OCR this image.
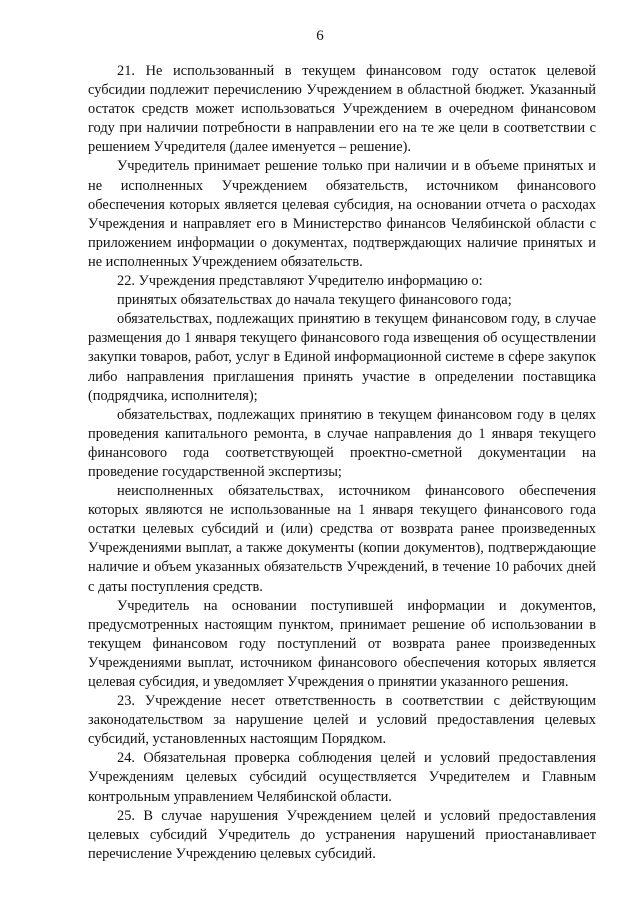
6

21. Не использованный в текущем финансовом году остаток целевой субсидии подлежит перечислению Учреждением в областной бюджет. Указанный остаток средств может использоваться Учреждением в очередном финансовом году при наличии потребности в направлении его на те же цели в соответствии с решением Учредителя (далее именуется – решение).

Учредитель принимает решение только при наличии и в объеме принятых и не исполненных Учреждением обязательств, источником финансового обеспечения которых является целевая субсидия, на основании отчета о расходах Учреждения и направляет его в Министерство финансов Челябинской области с приложением информации о документах, подтверждающих наличие принятых и не исполненных Учреждением обязательств.

22. Учреждения представляют Учредителю информацию о:

принятых обязательствах до начала текущего финансового года;

обязательствах, подлежащих принятию в текущем финансовом году, в случае размещения до 1 января текущего финансового года извещения об осуществлении закупки товаров, работ, услуг в Единой информационной системе в сфере закупок либо направления приглашения принять участие в определении поставщика (подрядчика, исполнителя);

обязательствах, подлежащих принятию в текущем финансовом году в целях проведения капитального ремонта, в случае направления до 1 января текущего финансового года соответствующей проектно-сметной документации на проведение государственной экспертизы;

неисполненных обязательствах, источником финансового обеспечения которых являются не использованные на 1 января текущего финансового года остатки целевых субсидий и (или) средства от возврата ранее произведенных Учреждениями выплат, а также документы (копии документов), подтверждающие наличие и объем указанных обязательств Учреждений, в течение 10 рабочих дней с даты поступления средств.

Учредитель на основании поступившей информации и документов, предусмотренных настоящим пунктом, принимает решение об использовании в текущем финансовом году поступлений от возврата ранее произведенных Учреждениями выплат, источником финансового обеспечения которых является целевая субсидия, и уведомляет Учреждения о принятии указанного решения.

23. Учреждение несет ответственность в соответствии с действующим законодательством за нарушение целей и условий предоставления целевых субсидий, установленных настоящим Порядком.

24. Обязательная проверка соблюдения целей и условий предоставления Учреждениям целевых субсидий осуществляется Учредителем и Главным контрольным управлением Челябинской области.

25. В случае нарушения Учреждением целей и условий предоставления целевых субсидий Учредитель до устранения нарушений приостанавливает перечисление Учреждению целевых субсидий.
